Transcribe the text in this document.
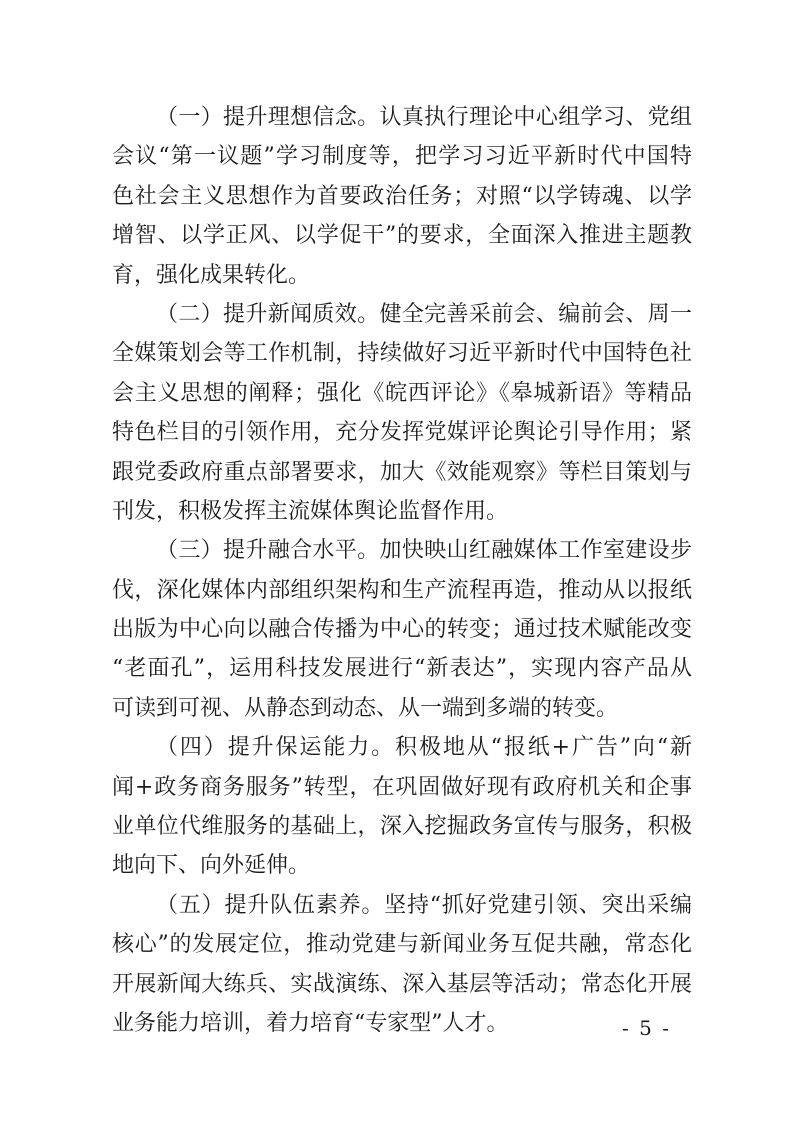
（一）提升理想信念。认真执行理论中心组学习、党组
会议“第一议题”学习制度等，把学习习近平新时代中国特
色社会主义思想作为首要政治任务；对照“以学铸魂、以学
增智、以学正风、以学促干”的要求，全面深入推进主题教
育，强化成果转化。
（二）提升新闻质效。健全完善采前会、编前会、周一
全媒策划会等工作机制，持续做好习近平新时代中国特色社
会主义思想的阐释；强化《皖西评论》《皋城新语》等精品
特色栏目的引领作用，充分发挥党媒评论舆论引导作用；紧
跟党委政府重点部署要求，加大《效能观察》等栏目策划与
刊发，积极发挥主流媒体舆论监督作用。
（三）提升融合水平。加快映山红融媒体工作室建设步
伐，深化媒体内部组织架构和生产流程再造，推动从以报纸
出版为中心向以融合传播为中心的转变；通过技术赋能改变
“老面孔”，运用科技发展进行“新表达”，实现内容产品从
可读到可视、从静态到动态、从一端到多端的转变。
（四）提升保运能力。积极地从“报纸+广告”向“新
闻+政务商务服务”转型，在巩固做好现有政府机关和企事
业单位代维服务的基础上，深入挖掘政务宣传与服务，积极
地向下、向外延伸。
（五）提升队伍素养。坚持“抓好党建引领、突出采编
核心”的发展定位，推动党建与新闻业务互促共融，常态化
开展新闻大练兵、实战演练、深入基层等活动；常态化开展
业务能力培训，着力培育“专家型”人才。	- 5 -
